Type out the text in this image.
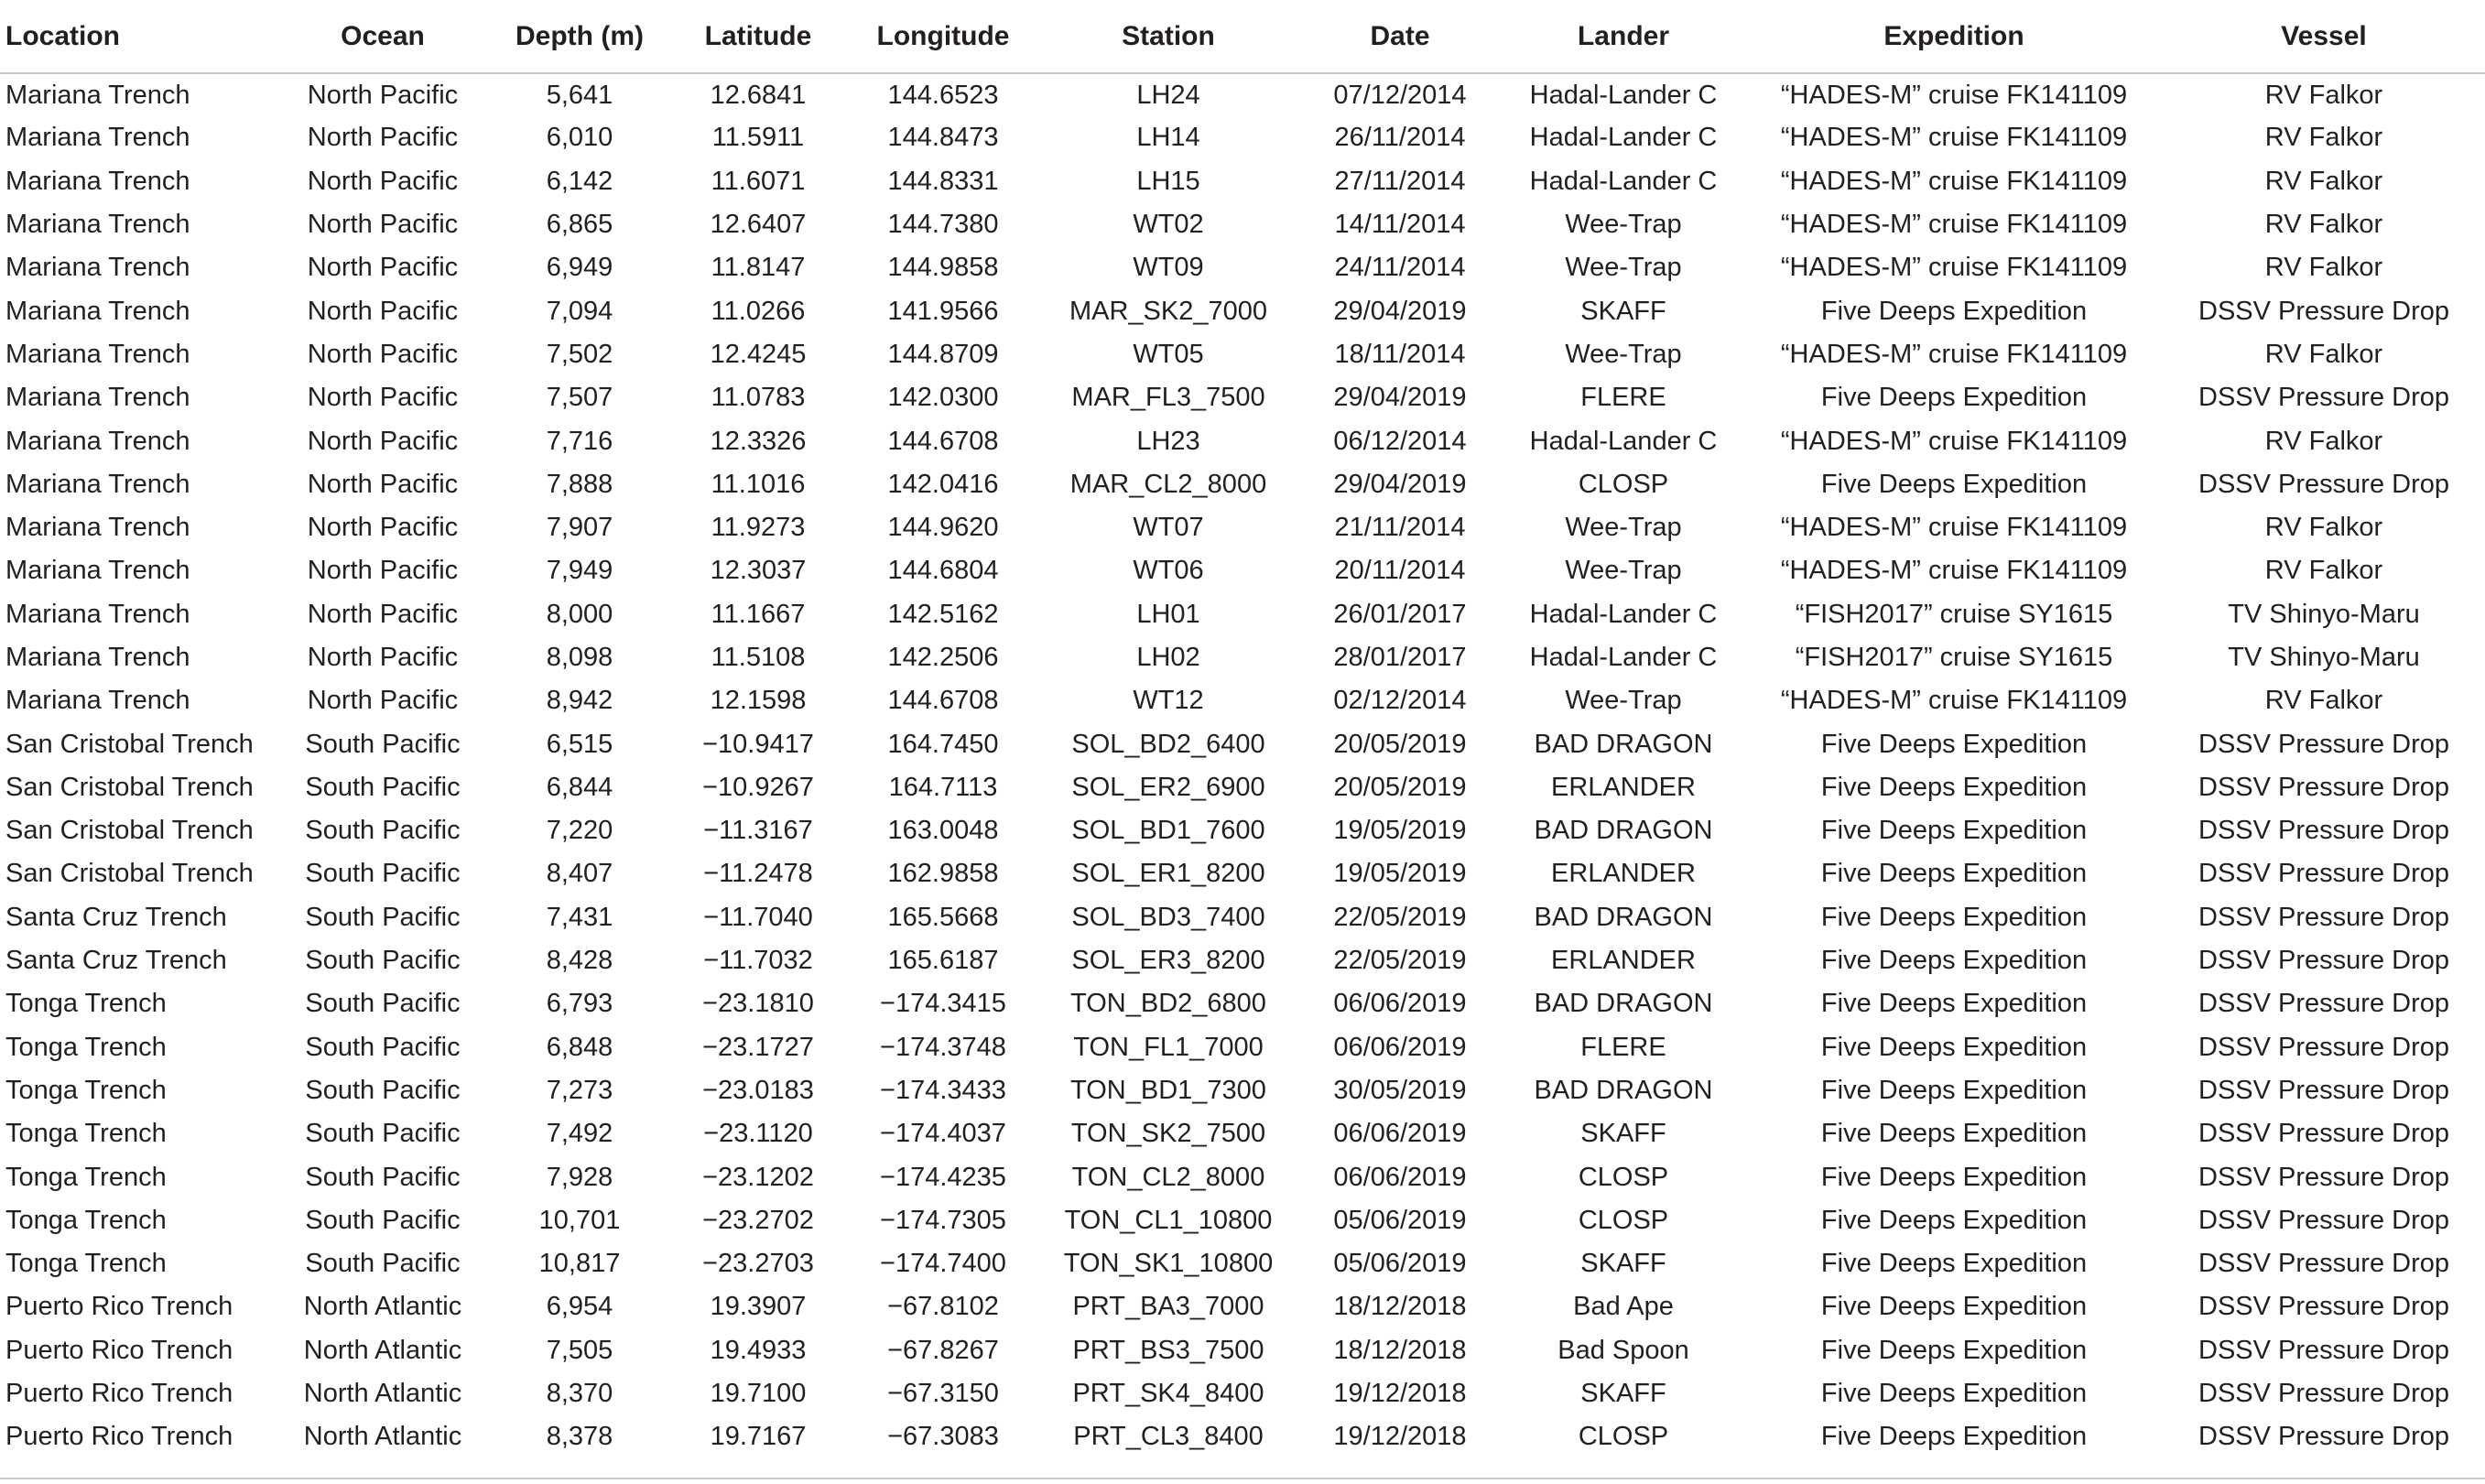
Location	Ocean	Depth (m)	Latitude	Longitude	Station	Date	Lander	Expedition	Vessel
Mariana Trench	North Pacific	5,641	12.6841	144.6523	LH24	07/12/2014	Hadal-Lander C	“HADES-M” cruise FK141109	RV Falkor
Mariana Trench	North Pacific	6,010	11.5911	144.8473	LH14	26/11/2014	Hadal-Lander C	“HADES-M” cruise FK141109	RV Falkor
Mariana Trench	North Pacific	6,142	11.6071	144.8331	LH15	27/11/2014	Hadal-Lander C	“HADES-M” cruise FK141109	RV Falkor
Mariana Trench	North Pacific	6,865	12.6407	144.7380	WT02	14/11/2014	Wee-Trap	“HADES-M” cruise FK141109	RV Falkor
Mariana Trench	North Pacific	6,949	11.8147	144.9858	WT09	24/11/2014	Wee-Trap	“HADES-M” cruise FK141109	RV Falkor
Mariana Trench	North Pacific	7,094	11.0266	141.9566	MAR_SK2_7000	29/04/2019	SKAFF	Five Deeps Expedition	DSSV Pressure Drop
Mariana Trench	North Pacific	7,502	12.4245	144.8709	WT05	18/11/2014	Wee-Trap	“HADES-M” cruise FK141109	RV Falkor
Mariana Trench	North Pacific	7,507	11.0783	142.0300	MAR_FL3_7500	29/04/2019	FLERE	Five Deeps Expedition	DSSV Pressure Drop
Mariana Trench	North Pacific	7,716	12.3326	144.6708	LH23	06/12/2014	Hadal-Lander C	“HADES-M” cruise FK141109	RV Falkor
Mariana Trench	North Pacific	7,888	11.1016	142.0416	MAR_CL2_8000	29/04/2019	CLOSP	Five Deeps Expedition	DSSV Pressure Drop
Mariana Trench	North Pacific	7,907	11.9273	144.9620	WT07	21/11/2014	Wee-Trap	“HADES-M” cruise FK141109	RV Falkor
Mariana Trench	North Pacific	7,949	12.3037	144.6804	WT06	20/11/2014	Wee-Trap	“HADES-M” cruise FK141109	RV Falkor
Mariana Trench	North Pacific	8,000	11.1667	142.5162	LH01	26/01/2017	Hadal-Lander C	“FISH2017” cruise SY1615	TV Shinyo-Maru
Mariana Trench	North Pacific	8,098	11.5108	142.2506	LH02	28/01/2017	Hadal-Lander C	“FISH2017” cruise SY1615	TV Shinyo-Maru
Mariana Trench	North Pacific	8,942	12.1598	144.6708	WT12	02/12/2014	Wee-Trap	“HADES-M” cruise FK141109	RV Falkor
San Cristobal Trench	South Pacific	6,515	−10.9417	164.7450	SOL_BD2_6400	20/05/2019	BAD DRAGON	Five Deeps Expedition	DSSV Pressure Drop
San Cristobal Trench	South Pacific	6,844	−10.9267	164.7113	SOL_ER2_6900	20/05/2019	ERLANDER	Five Deeps Expedition	DSSV Pressure Drop
San Cristobal Trench	South Pacific	7,220	−11.3167	163.0048	SOL_BD1_7600	19/05/2019	BAD DRAGON	Five Deeps Expedition	DSSV Pressure Drop
San Cristobal Trench	South Pacific	8,407	−11.2478	162.9858	SOL_ER1_8200	19/05/2019	ERLANDER	Five Deeps Expedition	DSSV Pressure Drop
Santa Cruz Trench	South Pacific	7,431	−11.7040	165.5668	SOL_BD3_7400	22/05/2019	BAD DRAGON	Five Deeps Expedition	DSSV Pressure Drop
Santa Cruz Trench	South Pacific	8,428	−11.7032	165.6187	SOL_ER3_8200	22/05/2019	ERLANDER	Five Deeps Expedition	DSSV Pressure Drop
Tonga Trench	South Pacific	6,793	−23.1810	−174.3415	TON_BD2_6800	06/06/2019	BAD DRAGON	Five Deeps Expedition	DSSV Pressure Drop
Tonga Trench	South Pacific	6,848	−23.1727	−174.3748	TON_FL1_7000	06/06/2019	FLERE	Five Deeps Expedition	DSSV Pressure Drop
Tonga Trench	South Pacific	7,273	−23.0183	−174.3433	TON_BD1_7300	30/05/2019	BAD DRAGON	Five Deeps Expedition	DSSV Pressure Drop
Tonga Trench	South Pacific	7,492	−23.1120	−174.4037	TON_SK2_7500	06/06/2019	SKAFF	Five Deeps Expedition	DSSV Pressure Drop
Tonga Trench	South Pacific	7,928	−23.1202	−174.4235	TON_CL2_8000	06/06/2019	CLOSP	Five Deeps Expedition	DSSV Pressure Drop
Tonga Trench	South Pacific	10,701	−23.2702	−174.7305	TON_CL1_10800	05/06/2019	CLOSP	Five Deeps Expedition	DSSV Pressure Drop
Tonga Trench	South Pacific	10,817	−23.2703	−174.7400	TON_SK1_10800	05/06/2019	SKAFF	Five Deeps Expedition	DSSV Pressure Drop
Puerto Rico Trench	North Atlantic	6,954	19.3907	−67.8102	PRT_BA3_7000	18/12/2018	Bad Ape	Five Deeps Expedition	DSSV Pressure Drop
Puerto Rico Trench	North Atlantic	7,505	19.4933	−67.8267	PRT_BS3_7500	18/12/2018	Bad Spoon	Five Deeps Expedition	DSSV Pressure Drop
Puerto Rico Trench	North Atlantic	8,370	19.7100	−67.3150	PRT_SK4_8400	19/12/2018	SKAFF	Five Deeps Expedition	DSSV Pressure Drop
Puerto Rico Trench	North Atlantic	8,378	19.7167	−67.3083	PRT_CL3_8400	19/12/2018	CLOSP	Five Deeps Expedition	DSSV Pressure Drop
